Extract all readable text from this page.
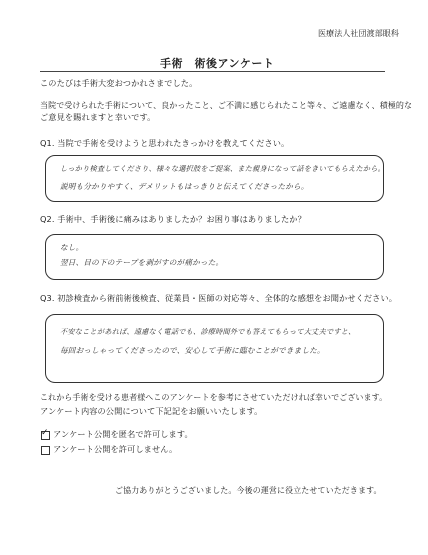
医療法人社団渡部眼科
手術　術後アンケート
このたびは手術大変おつかれさまでした。
当院で受けられた手術について、良かったこと、ご不満に感じられたこと等々、ご遠慮なく、積極的な
ご意見を賜れますと幸いです。
Q1. 当院で手術を受けようと思われたきっかけを教えてください。
しっかり検査してくださり、様々な選択肢をご提案、また親身になって話をきいてもらえたから。
説明も分かりやすく、デメリットもはっきりと伝えてくださったから。
Q2. 手術中、手術後に痛みはありましたか？お困り事はありましたか？
なし。
翌日、目の下のテープを剥がすのが痛かった。
Q3. 初診検査から術前術後検査、従業員・医師の対応等々、全体的な感想をお聞かせください。
不安なことがあれば、遠慮なく電話でも、診療時間外でも答えてもらって大丈夫ですと、
毎回おっしゃってくださったので、安心して手術に臨むことができました。
これから手術を受ける患者様へこのアンケートを参考にさせていただければ幸いでございます。
アンケート内容の公開について下記記をお願いいたします。
✓ アンケート公開を匿名で許可します。
アンケート公開を許可しません。
ご協力ありがとうございました。今後の運営に役立たせていただきます。
